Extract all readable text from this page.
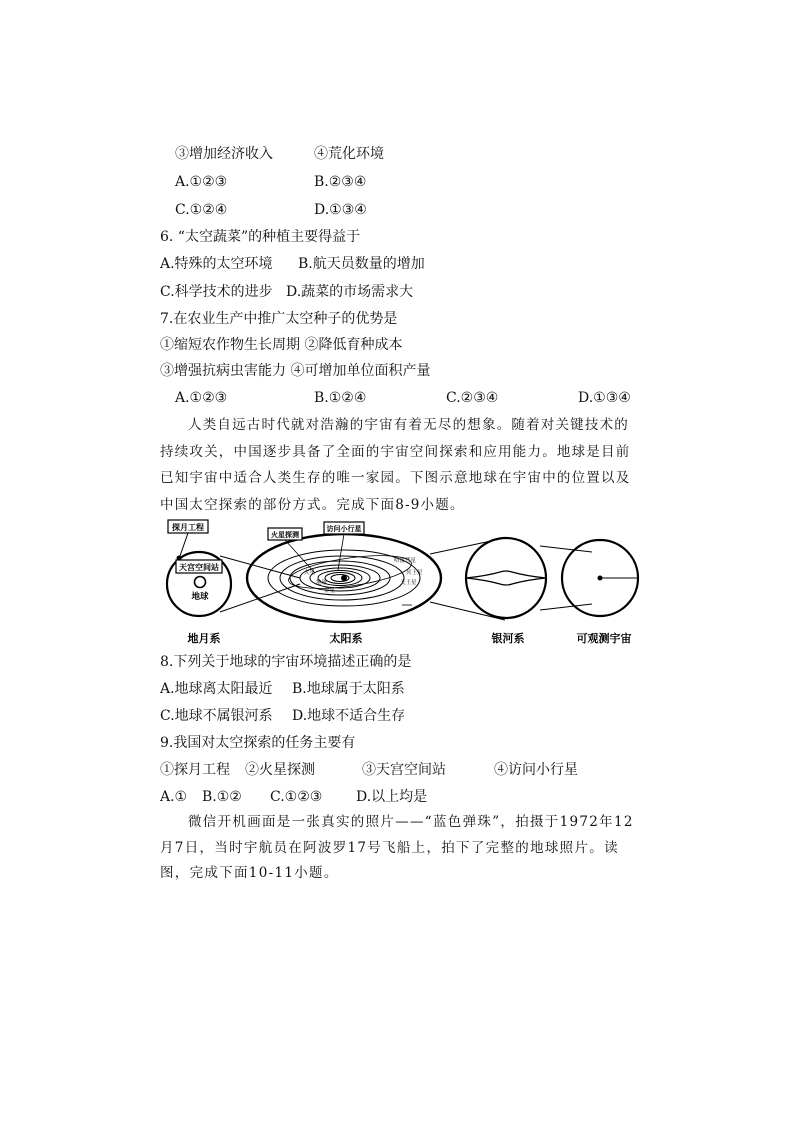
③增加经济收入	④荒化环境
A.①②③	B.②③④
C.①②④	D.①③④
6. “太空蔬菜”的种植主要得益于
A.特殊的太空环境 B.航天员数量的增加
C.科学技术的进步 D.蔬菜的市场需求大
7.在农业生产中推广太空种子的优势是
①缩短农作物生长周期 ②降低育种成本
③增强抗病虫害能力 ④可增加单位面积产量
A.①②③	B.①②④	C.②③④	D.①③④
人类自远古时代就对浩瀚的宇宙有着无尽的想象。随着对关键技术的持续攻关，中国逐步具备了全面的宇宙空间探索和应用能力。地球是目前已知宇宙中适合人类生存的唯一家园。下图示意地球在宇宙中的位置以及中国太空探索的部份方式。完成下面8-9小题。
探月工程
天宫空间站
地球
火星探测
访问小行星
哈雷彗星
冥王星
天王星
火星
地球
金星
地月系	太阳系	银河系	可观测宇宙
8.下列关于地球的宇宙环境描述正确的是
A.地球离太阳最近 B.地球属于太阳系
C.地球不属银河系 D.地球不适合生存
9.我国对太空探索的任务主要有
①探月工程 ②火星探测	③天宫空间站	④访问小行星
A.① B.①② C.①②③ D.以上均是
微信开机画面是一张真实的照片——“蓝色弹珠”，拍摄于1972年12月7日，当时宇航员在阿波罗17号飞船上，拍下了完整的地球照片。读图，完成下面10-11小题。
